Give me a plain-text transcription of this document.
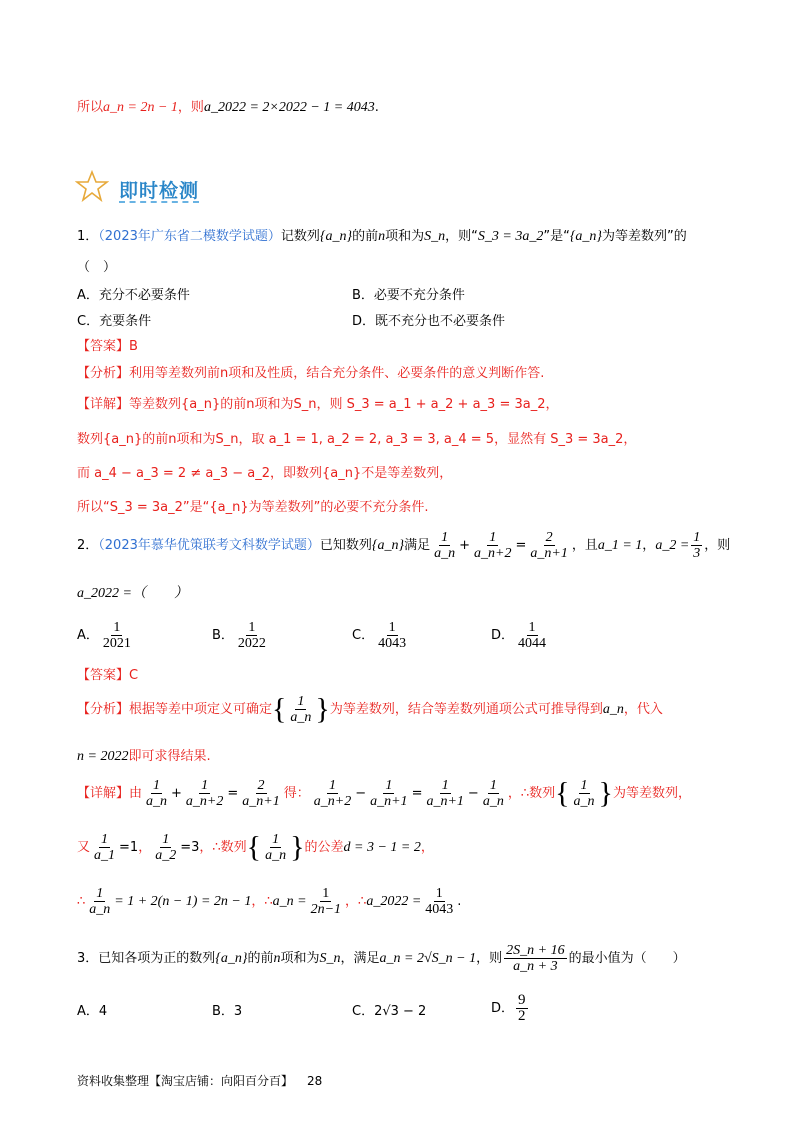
所以a_n = 2n − 1，则a_2022 = 2×2022 − 1 = 4043.
即时检测
1．（2023年广东省二模数学试题）记数列{a_n}的前n项和为S_n，则“S_3 = 3a_2”是“{a_n}为等差数列”的
（　）
A．充分不必要条件	B．必要不充分条件
C．充要条件	D．既不充分也不必要条件
【答案】B
【分析】利用等差数列前n项和及性质，结合充分条件、必要条件的意义判断作答.
【详解】等差数列{a_n}的前n项和为S_n，则 S_3 = a_1 + a_2 + a_3 = 3a_2，
数列{a_n}的前n项和为S_n，取 a_1 = 1, a_2 = 2, a_3 = 3, a_4 = 5，显然有 S_3 = 3a_2，
而 a_4 − a_3 = 2 ≠ a_3 − a_2，即数列{a_n}不是等差数列，
所以“S_3 = 3a_2”是“{a_n}为等差数列”的必要不充分条件.
2．（2023年慕华优策联考文科数学试题）已知数列{a_n}满足 $\frac{1}{a\_n} + \frac{1}{a\_n+2} = \frac{2}{a\_n+1}$ ，且a_1 = 1，a_2 = $\frac{1}{3}$ ，则
a_2022 =（　　）
A． $\frac{1}{2021}$	B． $\frac{1}{2022}$	C． $\frac{1}{4043}$	D． $\frac{1}{4044}$
【答案】C
【分析】根据等差中项定义可确定{ $\frac{1}{a\_n}$ }为等差数列，结合等差数列通项公式可推导得到a_n，代入
n = 2022即可求得结果.
【详解】由 $\frac{1}{a\_n} + \frac{1}{a\_n+2} = \frac{2}{a\_n+1}$ 得： $\frac{1}{a\_n+2} - \frac{1}{a\_n+1} = \frac{1}{a\_n+1} - \frac{1}{a\_n}$ ，∴数列{ $\frac{1}{a\_n}$ }为等差数列，
又 $\frac{1}{a\_1} =1$， $\frac{1}{a\_2} =3$，∴数列{ $\frac{1}{a\_n}$ }的公差d = 3 − 1 = 2，
∴ $\frac{1}{a\_n} = 1 + 2(n - 1) = 2n - 1$，∴a_n = $\frac{1}{2n-1}$ ，∴a_2022 = $\frac{1}{4043}$ .
3．已知各项为正的数列{a_n}的前n项和为S_n，满足a_n = 2√S_n − 1，则 $\frac{2S\_n + 16}{a\_n + 3}$ 的最小值为（　　）
A．4	B．3	C．2√3 − 2	D． $\frac{9}{2}$
资料收集整理【淘宝店铺：向阳百分百】 28
